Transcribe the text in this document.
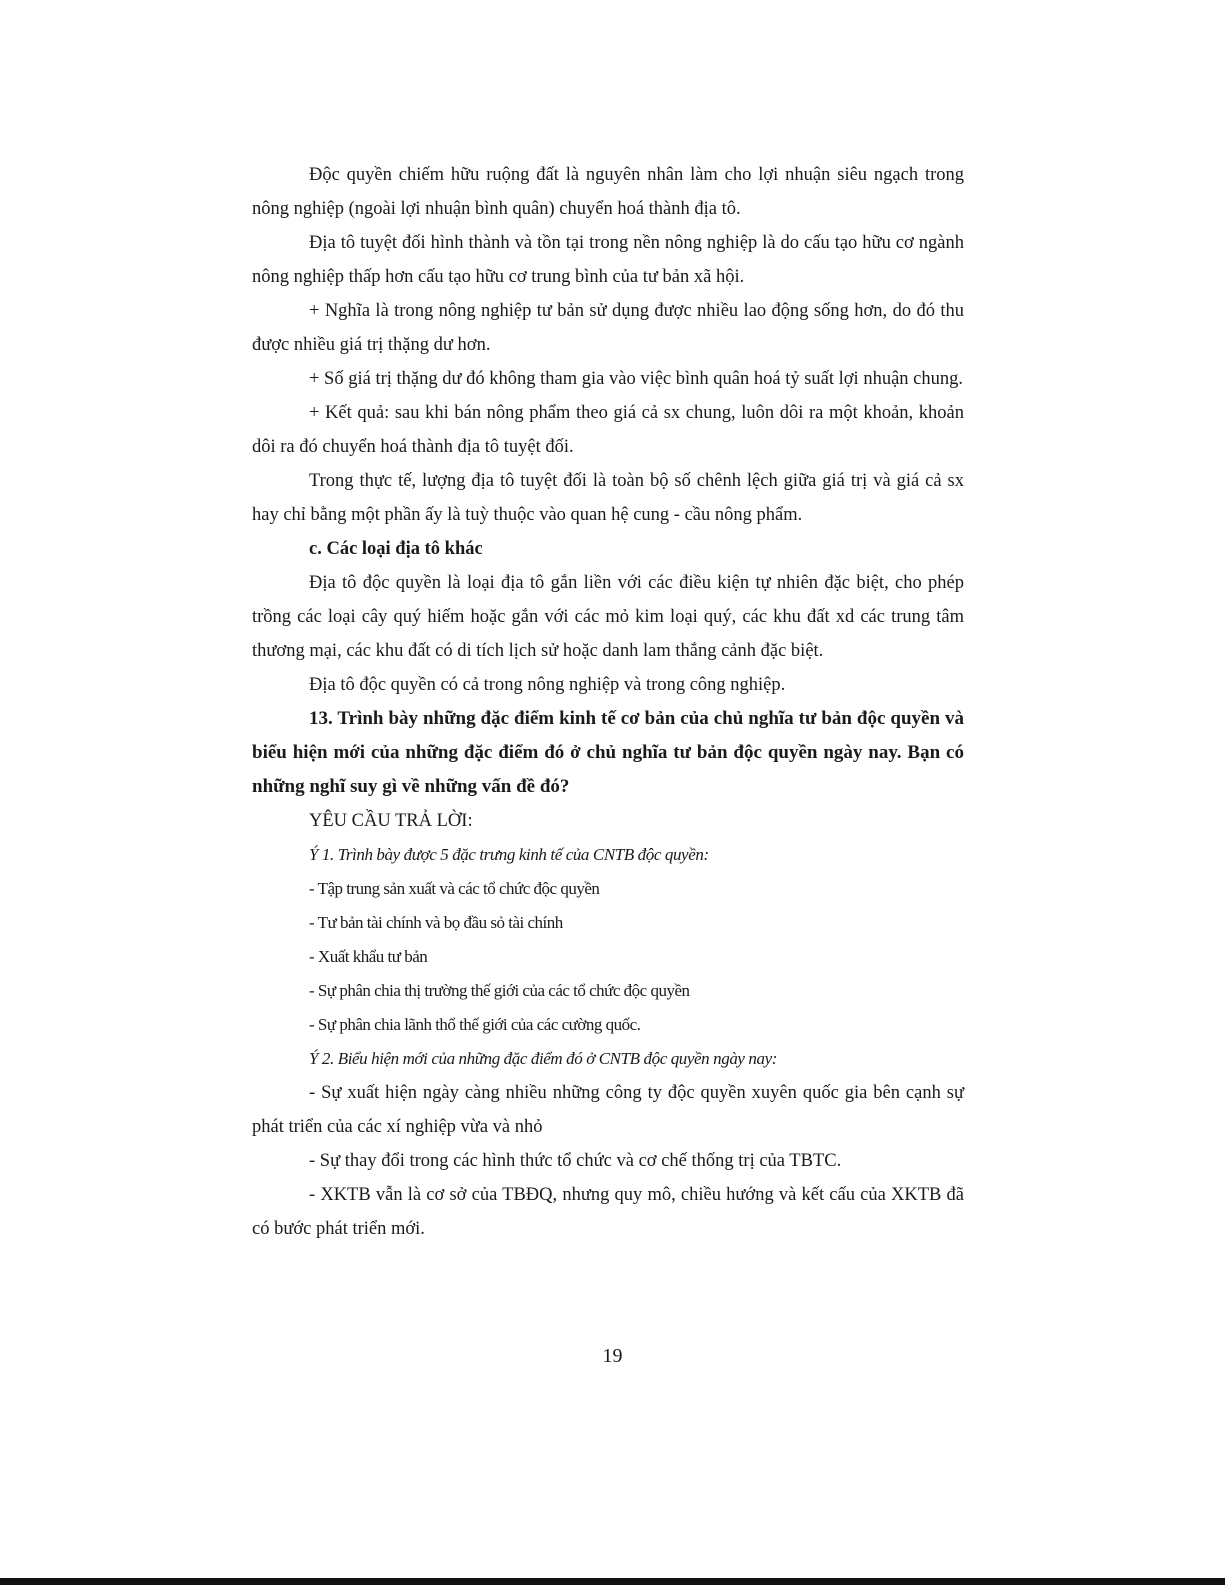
Độc quyền chiếm hữu ruộng đất là nguyên nhân làm cho lợi nhuận siêu ngạch trong nông nghiệp (ngoài lợi nhuận bình quân) chuyển hoá thành địa tô.

Địa tô tuyệt đối hình thành và tồn tại trong nền nông nghiệp là do cấu tạo hữu cơ ngành nông nghiệp thấp hơn cấu tạo hữu cơ trung bình của tư bản xã hội.

+ Nghĩa là trong nông nghiệp tư bản sử dụng được nhiều lao động sống hơn, do đó thu được nhiều giá trị thặng dư hơn.

+ Số giá trị thặng dư đó không tham gia vào việc bình quân hoá tỷ suất lợi nhuận chung.

+ Kết quả: sau khi bán nông phẩm theo giá cả sx chung, luôn dôi ra một khoản, khoản dôi ra đó chuyển hoá thành địa tô tuyệt đối.

Trong thực tế, lượng địa tô tuyệt đối là toàn bộ số chênh lệch giữa giá trị và giá cả sx hay chỉ bằng một phần ấy là tuỳ thuộc vào quan hệ cung - cầu nông phẩm.

c. Các loại địa tô khác

Địa tô độc quyền là loại địa tô gắn liền với các điều kiện tự nhiên đặc biệt, cho phép trồng các loại cây quý hiếm hoặc gắn với các mỏ kim loại quý, các khu đất xd các trung tâm thương mại, các khu đất có di tích lịch sử hoặc danh lam thắng cảnh đặc biệt.

Địa tô độc quyền có cả trong nông nghiệp và trong công nghiệp.

13. Trình bày những đặc điểm kinh tế cơ bản của chủ nghĩa tư bản độc quyền và biểu hiện mới của những đặc điểm đó ở chủ nghĩa tư bản độc quyền ngày nay. Bạn có những nghĩ suy gì về những vấn đề đó?

YÊU CẦU TRẢ LỜI:

Ý 1. Trình bày được 5 đặc trưng kinh tế của CNTB độc quyền:

- Tập trung sản xuất và các tổ chức độc quyền

- Tư bản tài chính và bọ đầu sỏ tài chính

- Xuất khẩu tư bản

- Sự phân chia thị trường thế giới của các tổ chức độc quyền

- Sự phân chia lãnh thổ thế giới của các cường quốc.

Ý 2. Biểu hiện mới của những đặc điểm đó ở CNTB độc quyền ngày nay:

- Sự xuất hiện ngày càng nhiều những công ty độc quyền xuyên quốc gia bên cạnh sự phát triển của các xí nghiệp vừa và nhỏ

- Sự thay đổi trong các hình thức tổ chức và cơ chế thống trị của TBTC.

- XKTB vẫn là cơ sở của TBĐQ, nhưng quy mô, chiều hướng và kết cấu của XKTB đã có bước phát triển mới.

19
